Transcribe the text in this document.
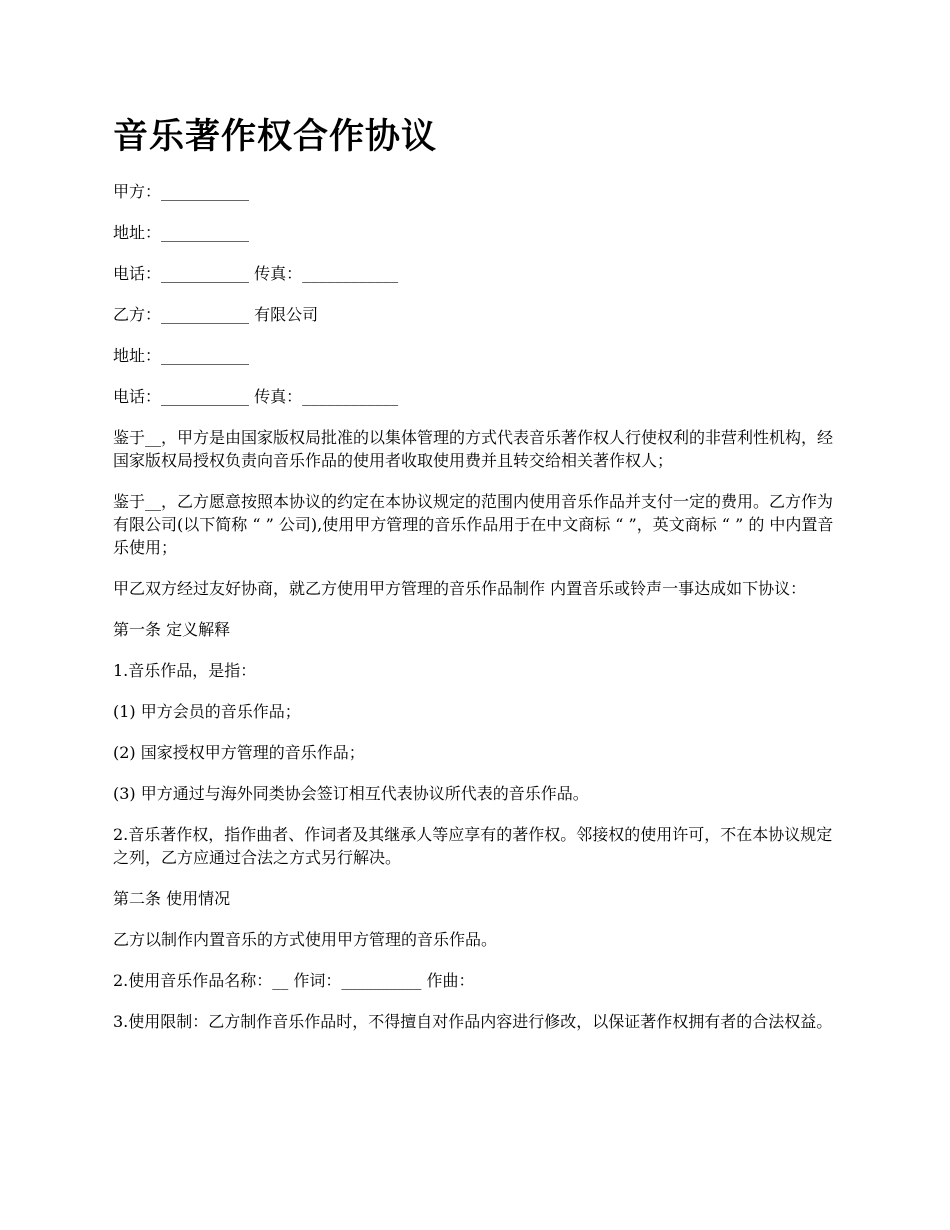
音乐著作权合作协议

甲方：___________

地址：___________

电话：___________ 传真：____________

乙方：___________ 有限公司

地址：___________

电话：___________ 传真：____________

鉴于__，甲方是由国家版权局批准的以集体管理的方式代表音乐著作权人行使权利的非营利性机构，经国家版权局授权负责向音乐作品的使用者收取使用费并且转交给相关著作权人；

鉴于__，乙方愿意按照本协议的约定在本协议规定的范围内使用音乐作品并支付一定的费用。乙方作为 有限公司(以下简称 “ ” 公司),使用甲方管理的音乐作品用于在中文商标 “ ”，英文商标 “ ” 的 中内置音乐使用；

甲乙双方经过友好协商，就乙方使用甲方管理的音乐作品制作 内置音乐或铃声一事达成如下协议：

第一条 定义解释

1.音乐作品，是指：

(1) 甲方会员的音乐作品；

(2) 国家授权甲方管理的音乐作品；

(3) 甲方通过与海外同类协会签订相互代表协议所代表的音乐作品。

2.音乐著作权，指作曲者、作词者及其继承人等应享有的著作权。邻接权的使用许可，不在本协议规定之列，乙方应通过合法之方式另行解决。

第二条 使用情况

乙方以制作内置音乐的方式使用甲方管理的音乐作品。

2.使用音乐作品名称：__ 作词：__________ 作曲：

3.使用限制：乙方制作音乐作品时，不得擅自对作品内容进行修改，以保证著作权拥有者的合法权益。
